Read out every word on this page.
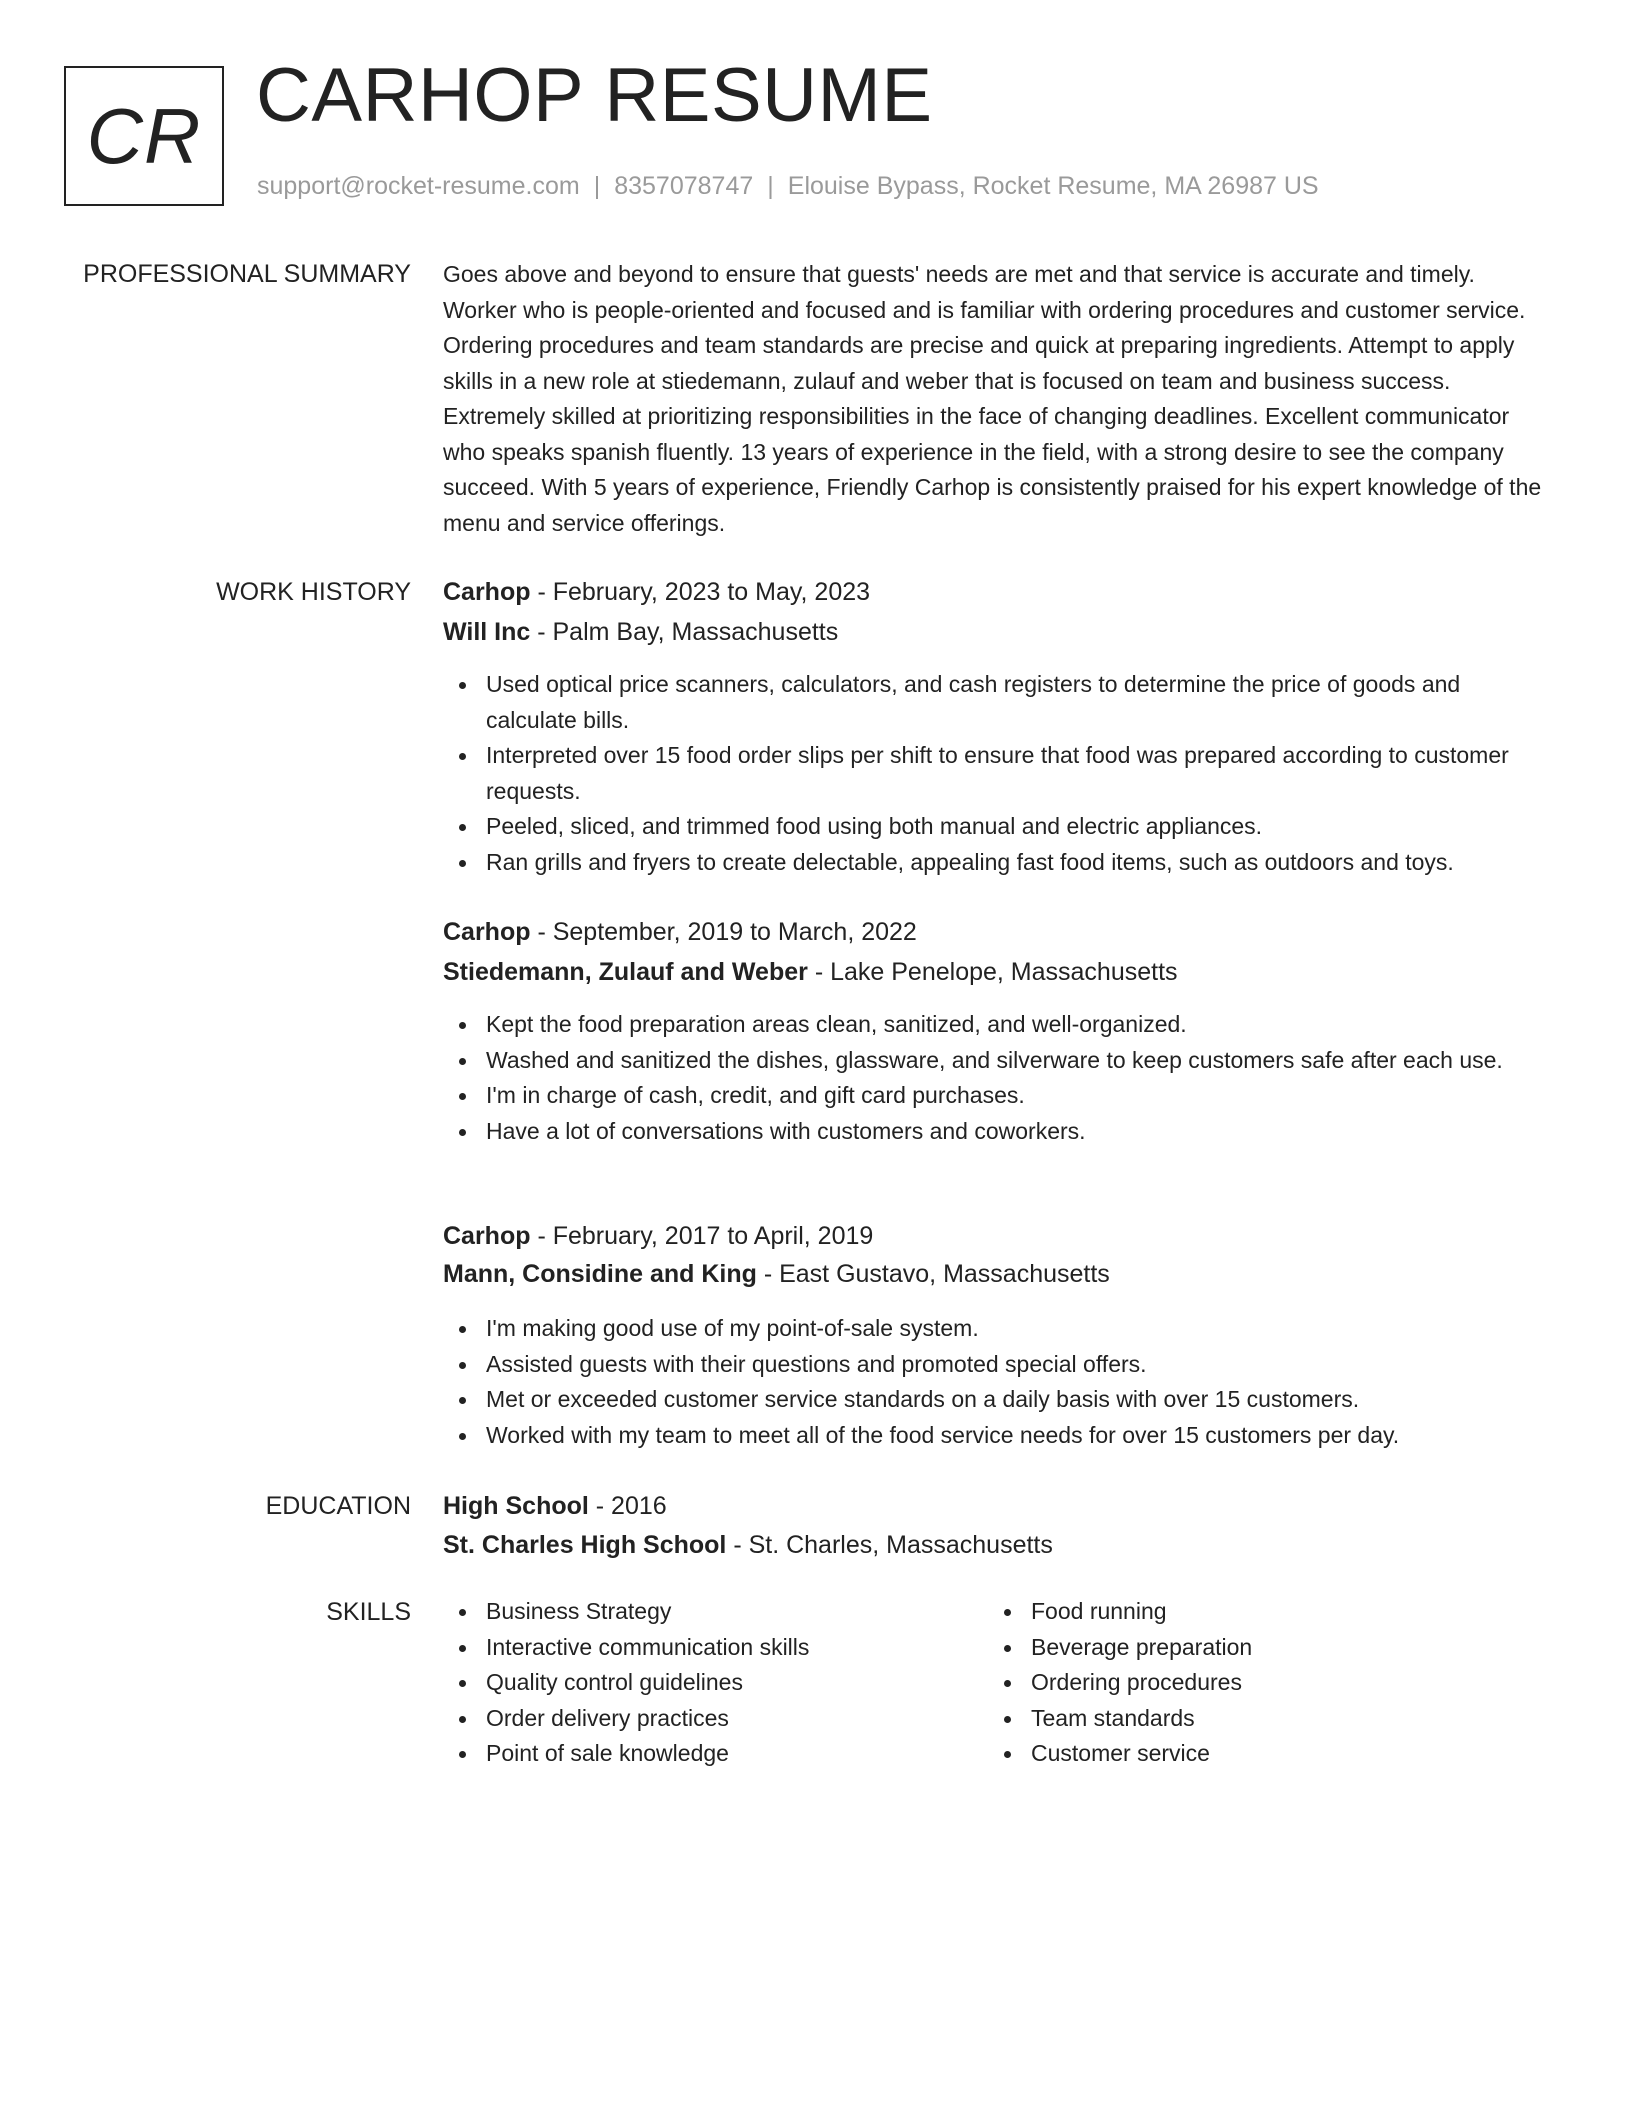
CR CARHOP RESUME
support@rocket-resume.com | 8357078747 | Elouise Bypass, Rocket Resume, MA 26987 US
PROFESSIONAL SUMMARY Goes above and beyond to ensure that guests' needs are met and that service is accurate and timely. Worker who is people-oriented and focused and is familiar with ordering procedures and customer service. Ordering procedures and team standards are precise and quick at preparing ingredients. Attempt to apply skills in a new role at stiedemann, zulauf and weber that is focused on team and business success. Extremely skilled at prioritizing responsibilities in the face of changing deadlines. Excellent communicator who speaks spanish fluently. 13 years of experience in the field, with a strong desire to see the company succeed. With 5 years of experience, Friendly Carhop is consistently praised for his expert knowledge of the menu and service offerings.
WORK HISTORY Carhop - February, 2023 to May, 2023
Will Inc - Palm Bay, Massachusetts
Used optical price scanners, calculators, and cash registers to determine the price of goods and calculate bills.
Interpreted over 15 food order slips per shift to ensure that food was prepared according to customer requests.
Peeled, sliced, and trimmed food using both manual and electric appliances.
Ran grills and fryers to create delectable, appealing fast food items, such as outdoors and toys.
Carhop - September, 2019 to March, 2022
Stiedemann, Zulauf and Weber - Lake Penelope, Massachusetts
Kept the food preparation areas clean, sanitized, and well-organized.
Washed and sanitized the dishes, glassware, and silverware to keep customers safe after each use.
I'm in charge of cash, credit, and gift card purchases.
Have a lot of conversations with customers and coworkers.
Carhop - February, 2017 to April, 2019
Mann, Considine and King - East Gustavo, Massachusetts
I'm making good use of my point-of-sale system.
Assisted guests with their questions and promoted special offers.
Met or exceeded customer service standards on a daily basis with over 15 customers.
Worked with my team to meet all of the food service needs for over 15 customers per day.
EDUCATION High School - 2016
St. Charles High School - St. Charles, Massachusetts
SKILLS	Business Strategy
Interactive communication skills
Quality control guidelines
Order delivery practices
Point of sale knowledge
Food running
Beverage preparation
Ordering procedures
Team standards
Customer service
